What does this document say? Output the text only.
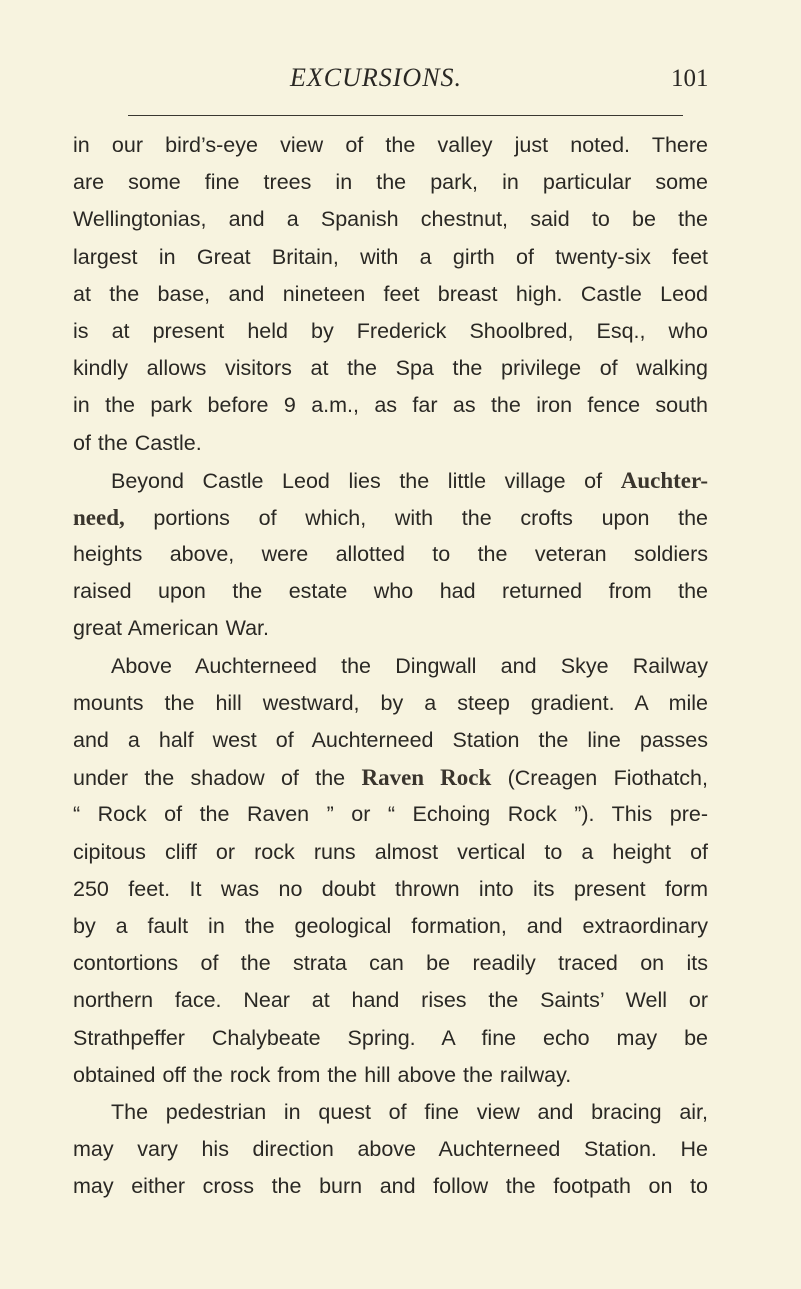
EXCURSIONS.	101
in our bird’s-eye view of the valley just noted. There
are some fine trees in the park, in particular some
Wellingtonias, and a Spanish chestnut, said to be the
largest in Great Britain, with a girth of twenty-six feet
at the base, and nineteen feet breast high. Castle Leod
is at present held by Frederick Shoolbred, Esq., who
kindly allows visitors at the Spa the privilege of walking
in the park before 9 a.m., as far as the iron fence south
of the Castle.
Beyond Castle Leod lies the little village of Auchter-
need, portions of which, with the crofts upon the
heights above, were allotted to the veteran soldiers
raised upon the estate who had returned from the
great American War.
Above Auchterneed the Dingwall and Skye Railway
mounts the hill westward, by a steep gradient. A mile
and a half west of Auchterneed Station the line passes
under the shadow of the Raven Rock (Creagen Fiothatch,
“ Rock of the Raven ” or “ Echoing Rock ”). This pre-
cipitous cliff or rock runs almost vertical to a height of
250 feet. It was no doubt thrown into its present form
by a fault in the geological formation, and extraordinary
contortions of the strata can be readily traced on its
northern face. Near at hand rises the Saints’ Well or
Strathpeffer Chalybeate Spring. A fine echo may be
obtained off the rock from the hill above the railway.
The pedestrian in quest of fine view and bracing air,
may vary his direction above Auchterneed Station. He
may either cross the burn and follow the footpath on to
